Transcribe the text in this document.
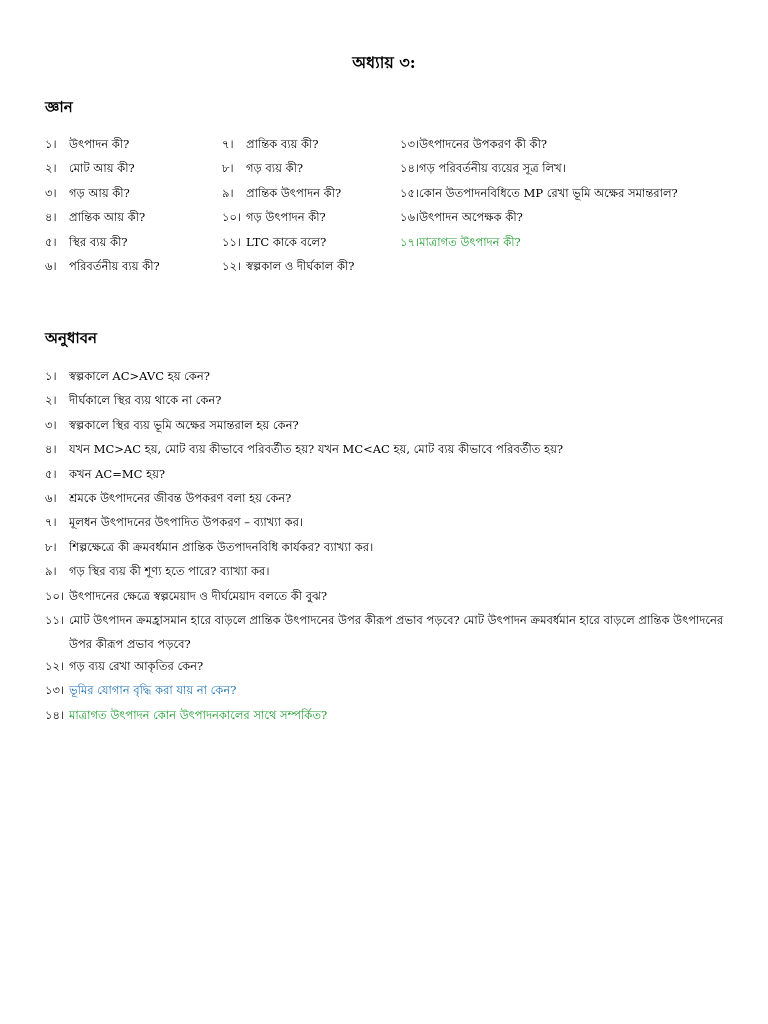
অধ্যায় ৩:
জ্ঞান
১। উৎপাদন কী?
২। মোট আয় কী?
৩। গড় আয় কী?
৪। প্রান্তিক আয় কী?
৫। স্থির ব্যয় কী?
৬। পরিবর্তনীয় ব্যয় কী?
৭। প্রান্তিক ব্যয় কী?
৮। গড় ব্যয় কী?
৯। প্রান্তিক উৎপাদন কী?
১০। গড় উৎপাদন কী?
১১। LTC কাকে বলে?
১২। স্বল্পকাল ও দীর্ঘকাল কী?
১৩।উৎপাদনের উপকরণ কী কী?
১৪।গড় পরিবর্তনীয় ব্যয়ের সূত্র লিখ।
১৫।কোন উতপাদনবিধিতে MP রেখা ভূমি অক্ষের সমান্তরাল?
১৬।উৎপাদন অপেক্ষক কী?
১৭।মাত্রাগত উৎপাদন কী?
অনুধাবন
১।	স্বল্পকালে AC>AVC হয় কেন?
২।	দীর্ঘকালে স্থির ব্যয় থাকে না কেন?
৩।	স্বল্পকালে স্থির ব্যয় ভূমি অক্ষের সমান্তরাল হয় কেন?
৪।	যখন MC>AC হয়, মোট ব্যয় কীভাবে পরিবর্তীত হয়? যখন MC<AC হয়, মোট ব্যয় কীভাবে পরিবর্তীত হয়?
৫।	কখন AC=MC হয়?
৬।	শ্রমকে উৎপাদনের জীবন্ত উপকরণ বলা হয় কেন?
৭।	মূলধন উৎপাদনের উৎপাদিত উপকরণ – ব্যাখ্যা কর।
৮।	শিল্পক্ষেত্রে কী ক্রমবর্ধমান প্রান্তিক উতপাদনবিধি কার্যকর? ব্যাখ্যা কর।
৯।	গড় স্থির ব্যয় কী শূণ্য হতে পারে? ব্যাখ্যা কর।
১০। উৎপাদনের ক্ষেত্রে স্বল্পমেয়াদ ও দীর্ঘমেয়াদ বলতে কী বুঝ?
১১। মোট উৎপাদন ক্রমহ্রাসমান হারে বাড়লে প্রান্তিক উৎপাদনের উপর কীরূপ প্রভাব পড়বে? মোট উৎপাদন ক্রমবর্ধমান হারে বাড়লে প্রান্তিক উৎপাদনের উপর কীরূপ প্রভাব পড়বে?
১২। গড় ব্যয় রেখা আকৃতির কেন?
১৩। ভূমির যোগান বৃদ্ধি করা যায় না কেন?
১৪। মাত্রাগত উৎপাদন কোন উৎপাদনকালের সাথে সম্পর্কিত?
